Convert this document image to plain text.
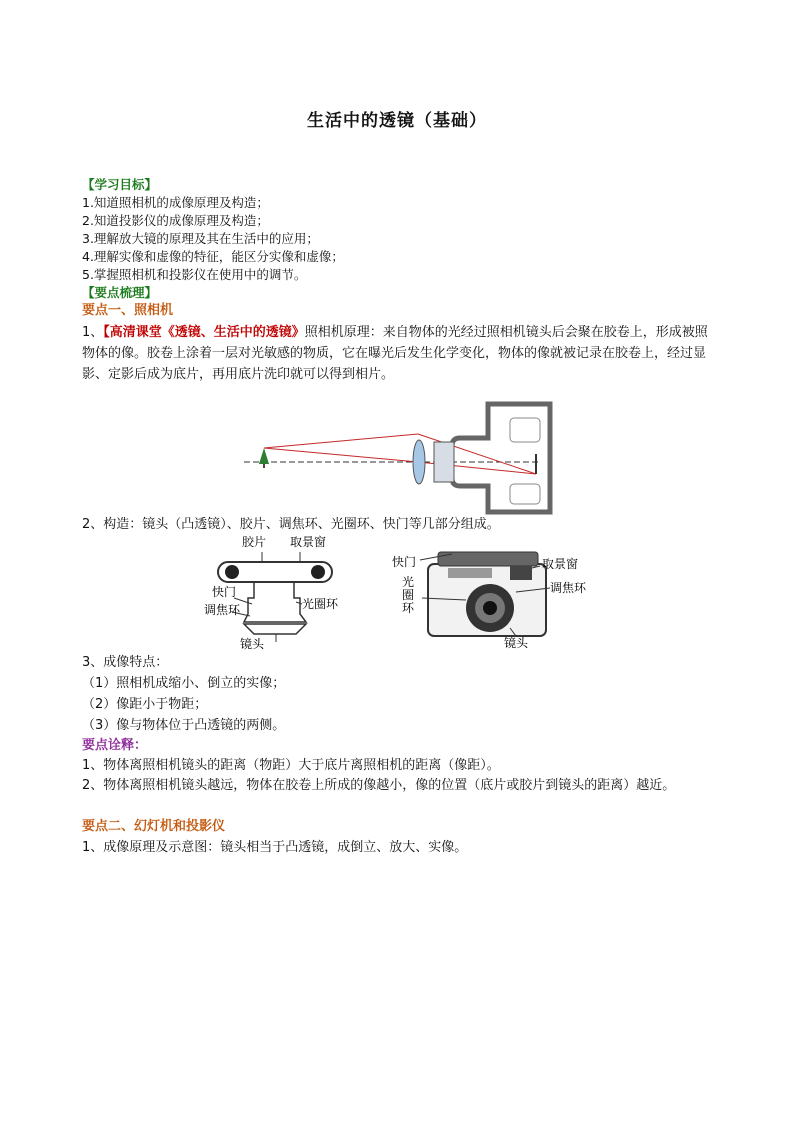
生活中的透镜（基础）
【学习目标】
1.知道照相机的成像原理及构造；
2.知道投影仪的成像原理及构造；
3.理解放大镜的原理及其在生活中的应用；
4.理解实像和虚像的特征，能区分实像和虚像；
5.掌握照相机和投影仪在使用中的调节。
【要点梳理】
要点一、照相机
1、【高清课堂《透镜、生活中的透镜》照相机原理：来自物体的光经过照相机镜头后会聚在胶卷上，形成被照物体的像。胶卷上涂着一层对光敏感的物质，它在曝光后发生化学变化，物体的像就被记录在胶卷上，经过显影、定影后成为底片，再用底片洗印就可以得到相片。
2、构造：镜头（凸透镜）、胶片、调焦环、光圈环、快门等几部分组成。
胶片 取景窗
快门
调焦环	光圈环
镜头
快门
光
圈
环
取景窗
调焦环
镜头
3、成像特点：
（1）照相机成缩小、倒立的实像；
（2）像距小于物距；
（3）像与物体位于凸透镜的两侧。
要点诠释：
1、物体离照相机镜头的距离（物距）大于底片离照相机的距离（像距）。
2、物体离照相机镜头越远，物体在胶卷上所成的像越小，像的位置（底片或胶片到镜头的距离）越近。
要点二、幻灯机和投影仪
1、成像原理及示意图：镜头相当于凸透镜，成倒立、放大、实像。
